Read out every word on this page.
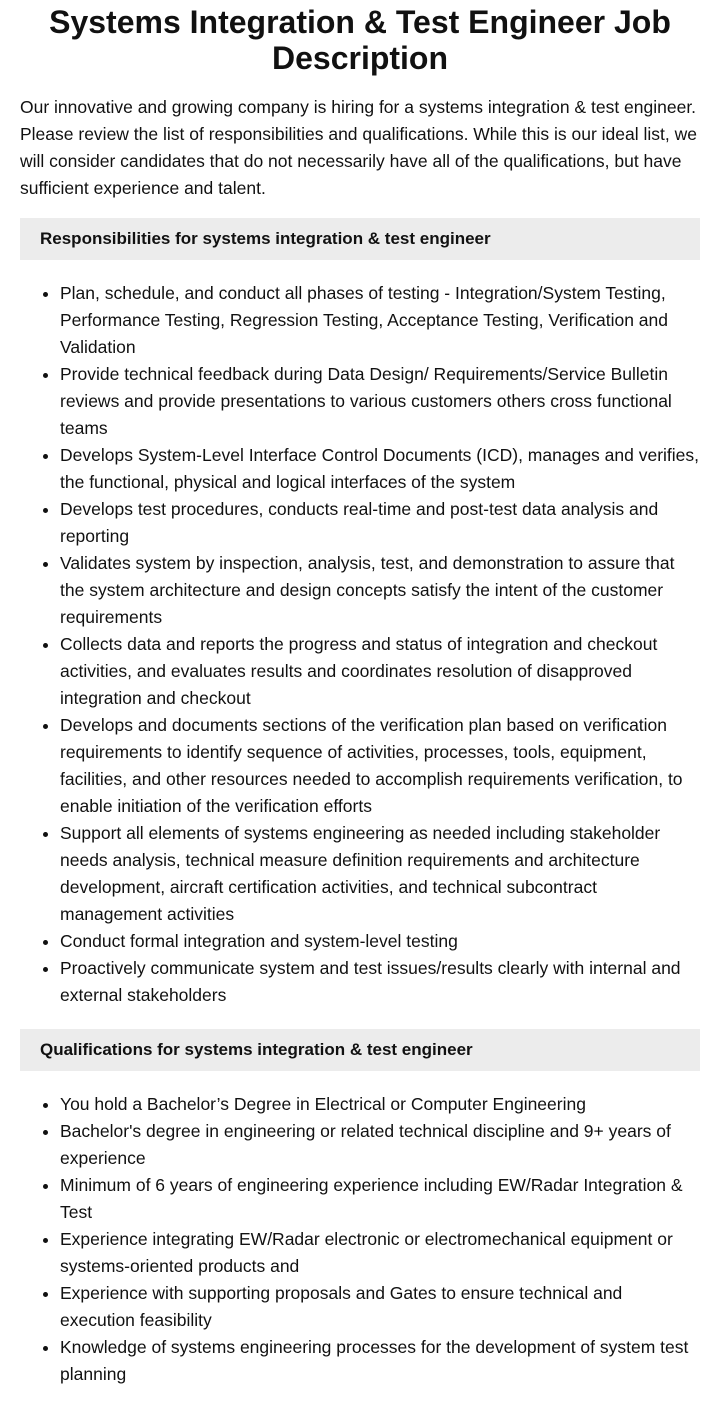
Systems Integration & Test Engineer Job Description

Our innovative and growing company is hiring for a systems integration & test engineer. Please review the list of responsibilities and qualifications. While this is our ideal list, we will consider candidates that do not necessarily have all of the qualifications, but have sufficient experience and talent.

Responsibilities for systems integration & test engineer
• Plan, schedule, and conduct all phases of testing - Integration/System Testing, Performance Testing, Regression Testing, Acceptance Testing, Verification and Validation
• Provide technical feedback during Data Design/ Requirements/Service Bulletin reviews and provide presentations to various customers others cross functional teams
• Develops System-Level Interface Control Documents (ICD), manages and verifies, the functional, physical and logical interfaces of the system
• Develops test procedures, conducts real-time and post-test data analysis and reporting
• Validates system by inspection, analysis, test, and demonstration to assure that the system architecture and design concepts satisfy the intent of the customer requirements
• Collects data and reports the progress and status of integration and checkout activities, and evaluates results and coordinates resolution of disapproved integration and checkout
• Develops and documents sections of the verification plan based on verification requirements to identify sequence of activities, processes, tools, equipment, facilities, and other resources needed to accomplish requirements verification, to enable initiation of the verification efforts
• Support all elements of systems engineering as needed including stakeholder needs analysis, technical measure definition requirements and architecture development, aircraft certification activities, and technical subcontract management activities
• Conduct formal integration and system-level testing
• Proactively communicate system and test issues/results clearly with internal and external stakeholders
Qualifications for systems integration & test engineer
• You hold a Bachelor’s Degree in Electrical or Computer Engineering
• Bachelor's degree in engineering or related technical discipline and 9+ years of experience
• Minimum of 6 years of engineering experience including EW/Radar Integration & Test
• Experience integrating EW/Radar electronic or electromechanical equipment or systems-oriented products and
• Experience with supporting proposals and Gates to ensure technical and execution feasibility
• Knowledge of systems engineering processes for the development of system test planning
